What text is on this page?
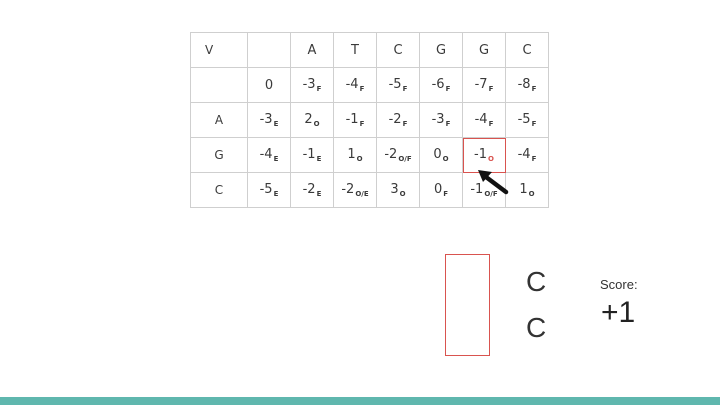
V		A	T	C	G	G	C
	0	$-3_F$	$-4_F$	$-5_F$	$-6_F$	$-7_F$	$-8_F$
A	$-3_E$	$2_O$	$-1_F$	$-2_F$	$-3_F$	$-4_F$	$-5_F$
G	$-4_E$	$-1_E$	$1_O$	$-2_{O/F}$	$0_O$	$-1_O$	$-4_F$
C	$-5_E$	$-2_E$	$-2_{O/E}$	$3_O$	$0_F$	$-1_{O/F}$	$1_O$
C
C
Score:
+1
